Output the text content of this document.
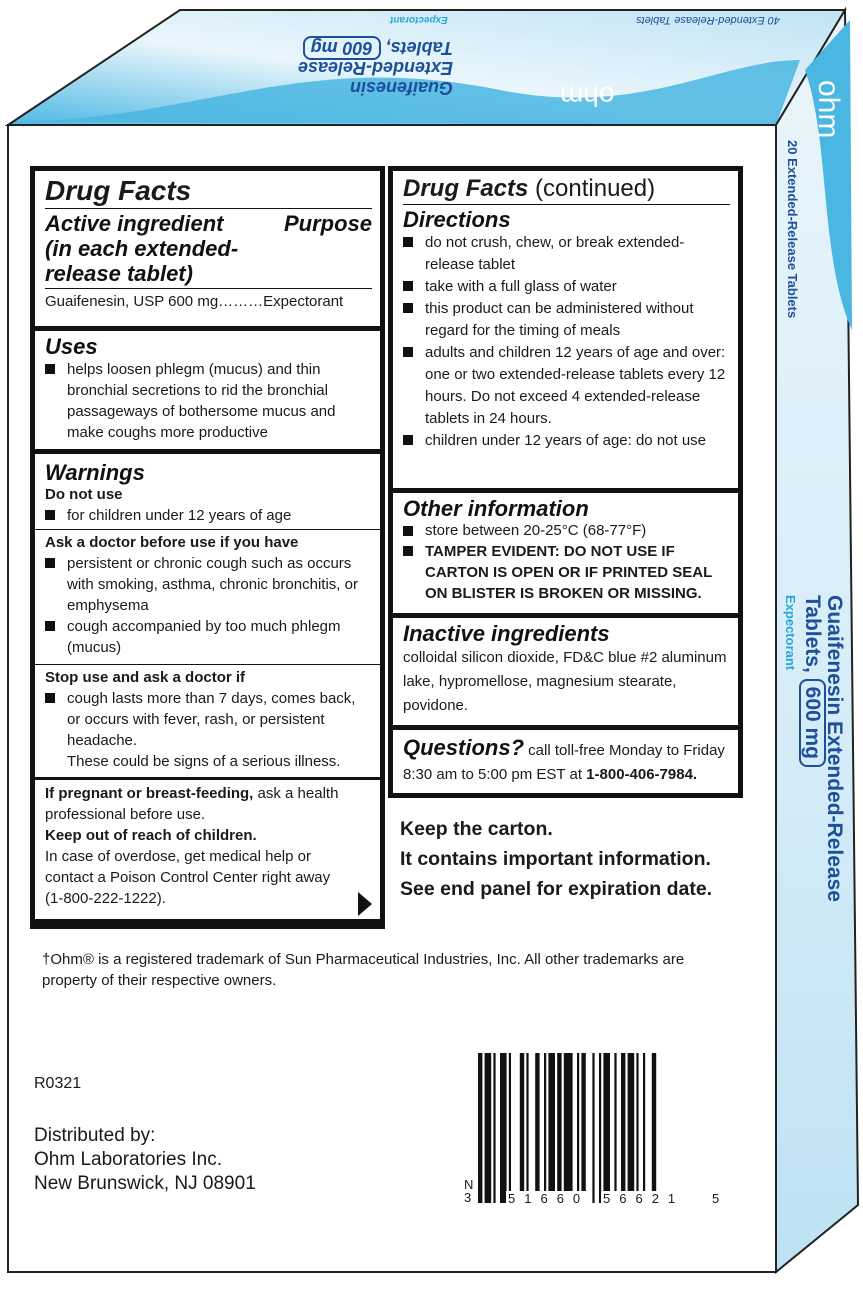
40 Extended-Release Tablets
Guaifenesin
Extended-Release
Tablets, 600 mg
Expectorant
ohm	ohm
20 Extended-Release Tablets
Guaifenesin Extended-Release
Tablets, 600 mg
Expectorant
Drug Facts
Active ingredient (in each extended-release tablet)
Purpose
Guaifenesin, USP 600 mg………Expectorant
Uses
helps loosen phlegm (mucus) and thin bronchial secretions to rid the bronchial passageways of bothersome mucus and make coughs more productive
Warnings
Do not use
for children under 12 years of age
Ask a doctor before use if you have
persistent or chronic cough such as occurs with smoking, asthma, chronic bronchitis, or emphysema
cough accompanied by too much phlegm (mucus)
Stop use and ask a doctor if
cough lasts more than 7 days, comes back, or occurs with fever, rash, or persistent headache.
These could be signs of a serious illness.
If pregnant or breast-feeding, ask a health professional before use.
Keep out of reach of children.
In case of overdose, get medical help or contact a Poison Control Center right away (1-800-222-1222).
Drug Facts (continued)
Directions
do not crush, chew, or break extended-release tablet
take with a full glass of water
this product can be administered without regard for the timing of meals
adults and children 12 years of age and over: one or two extended-release tablets every 12 hours. Do not exceed 4 extended-release tablets in 24 hours.
children under 12 years of age: do not use
Other information
store between 20-25°C (68-77°F)
TAMPER EVIDENT: DO NOT USE IF CARTON IS OPEN OR IF PRINTED SEAL ON BLISTER IS BROKEN OR MISSING.
Inactive ingredients
colloidal silicon dioxide, FD&C blue #2 aluminum lake, hypromellose, magnesium stearate, povidone.
Questions? call toll-free Monday to Friday 8:30 am to 5:00 pm EST at 1-800-406-7984.
Keep the carton.
It contains important information.
See end panel for expiration date.
†Ohm® is a registered trademark of Sun Pharmaceutical Industries, Inc. All other trademarks are property of their respective owners.
R0321
Distributed by:
Ohm Laboratories Inc.
New Brunswick, NJ 08901	N
3	51660 56621 5
